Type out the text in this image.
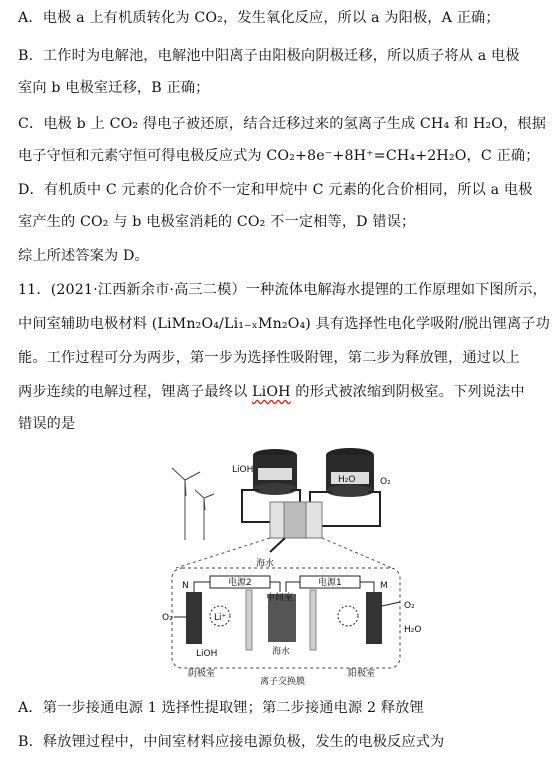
A．电极 a 上有机质转化为 CO₂，发生氧化反应，所以 a 为阳极，A 正确；
B．工作时为电解池，电解池中阳离子由阳极向阴极迁移，所以质子将从 a 电极
室向 b 电极室迁移，B 正确；
C．电极 b 上 CO₂ 得电子被还原，结合迁移过来的氢离子生成 CH₄ 和 H₂O，根据
电子守恒和元素守恒可得电极反应式为 CO₂+8e⁻+8H⁺=CH₄+2H₂O，C 正确；
D．有机质中 C 元素的化合价不一定和甲烷中 C 元素的化合价相同，所以 a 电极
室产生的 CO₂ 与 b 电极室消耗的 CO₂ 不一定相等，D 错误；
综上所述答案为 D。
11．(2021·江西新余市·高三二模）一种流体电解海水提锂的工作原理如下图所示，
中间室辅助电极材料 (LiMn₂O₄/Li₁₋ₓMn₂O₄) 具有选择性电化学吸附/脱出锂离子功
能。工作过程可分为两步，第一步为选择性吸附锂，第二步为释放锂，通过以上
两步连续的电解过程，锂离子最终以 LiOH 的形式被浓缩到阴极室。下列说法中
错误的是
LiOH
H₂O	O₂
海水
电源2	电源1
N	M
中间室
Li⁺
O₂
O₂
H₂O
LiOH	海水
阴极室	阳极室
离子交换膜
A．第一步接通电源 1 选择性提取锂；第二步接通电源 2 释放锂
B．释放锂过程中，中间室材料应接电源负极，发生的电极反应式为
